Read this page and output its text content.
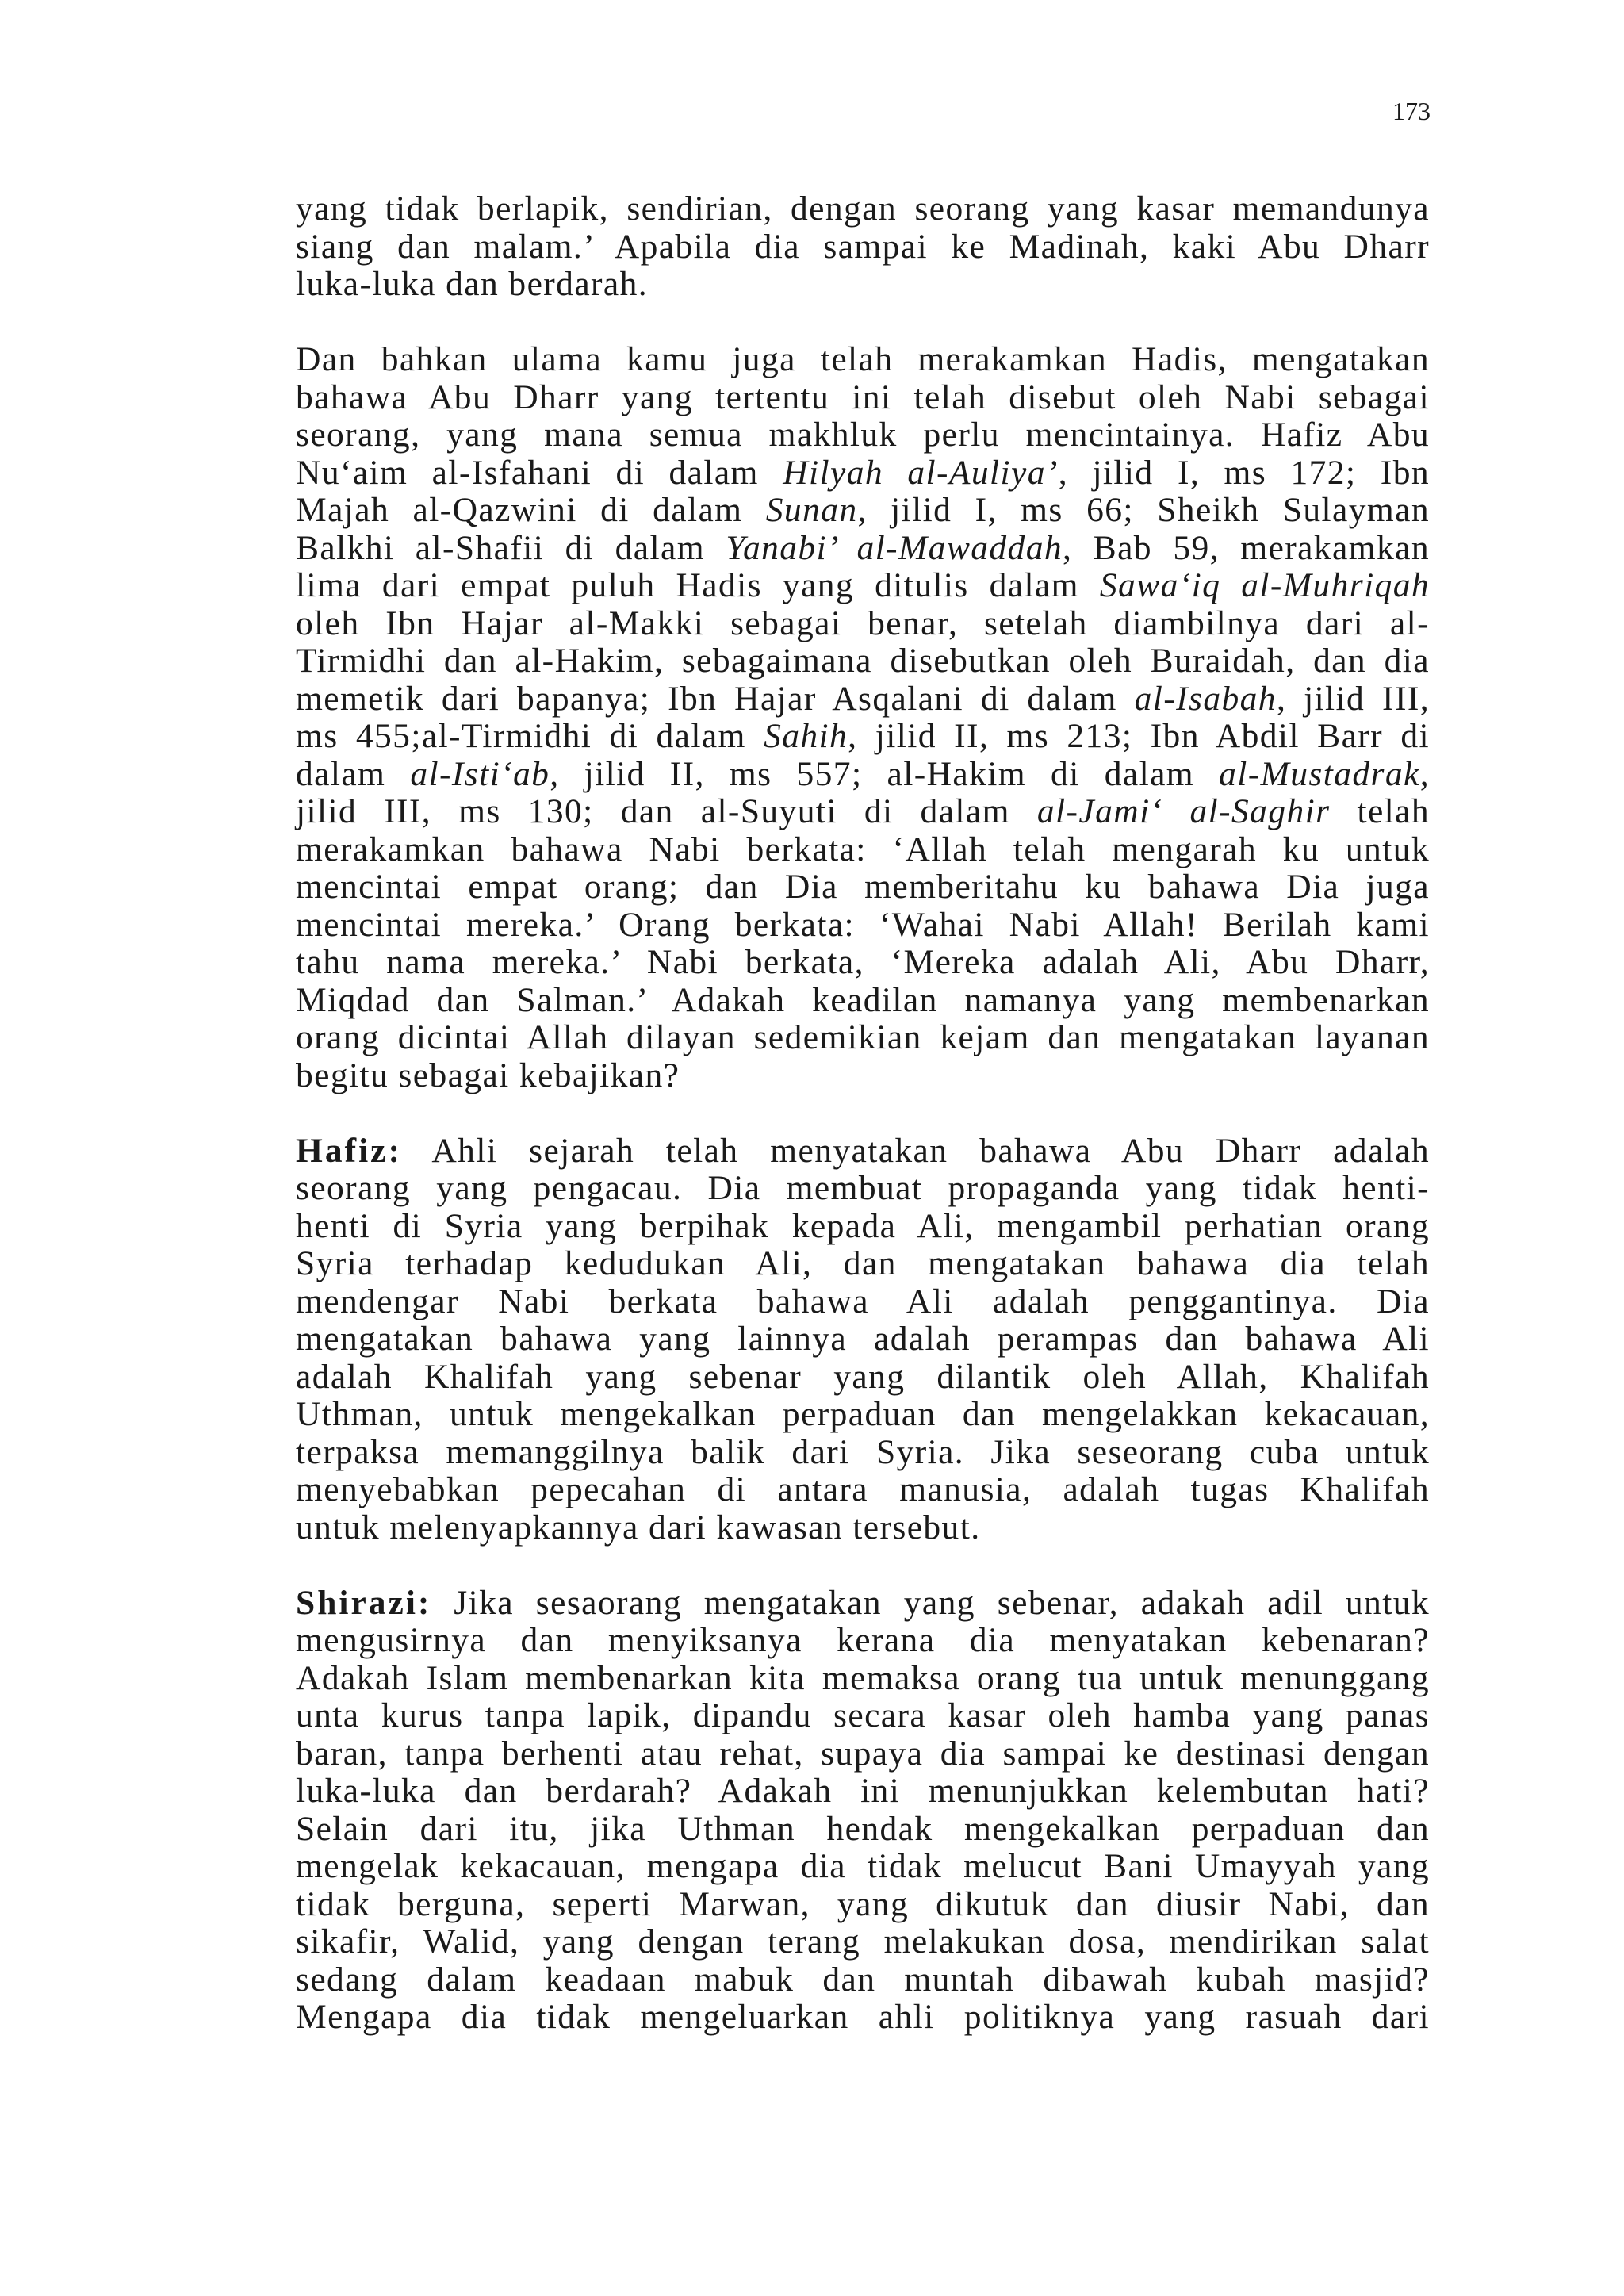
173
yang tidak berlapik, sendirian, dengan seorang yang kasar memandunya
siang dan malam.’ Apabila dia sampai ke Madinah, kaki Abu Dharr
luka-luka dan berdarah.
Dan bahkan ulama kamu juga telah merakamkan Hadis, mengatakan
bahawa Abu Dharr yang tertentu ini telah disebut oleh Nabi sebagai
seorang, yang mana semua makhluk perlu mencintainya. Hafiz Abu
Nu‘aim al-Isfahani di dalam Hilyah al-Auliya’, jilid I, ms 172; Ibn
Majah al-Qazwini di dalam Sunan, jilid I, ms 66; Sheikh Sulayman
Balkhi al-Shafii di dalam Yanabi’ al-Mawaddah, Bab 59, merakamkan
lima dari empat puluh Hadis yang ditulis dalam Sawa‘iq al-Muhriqah
oleh Ibn Hajar al-Makki sebagai benar, setelah diambilnya dari al-
Tirmidhi dan al-Hakim, sebagaimana disebutkan oleh Buraidah, dan dia
memetik dari bapanya; Ibn Hajar Asqalani di dalam al-Isabah, jilid III,
ms 455;al-Tirmidhi di dalam Sahih, jilid II, ms 213; Ibn Abdil Barr di
dalam al-Isti‘ab, jilid II, ms 557; al-Hakim di dalam al-Mustadrak,
jilid III, ms 130; dan al-Suyuti di dalam al-Jami‘ al-Saghir telah
merakamkan bahawa Nabi berkata: ‘Allah telah mengarah ku untuk
mencintai empat orang; dan Dia memberitahu ku bahawa Dia juga
mencintai mereka.’ Orang berkata: ‘Wahai Nabi Allah! Berilah kami
tahu nama mereka.’ Nabi berkata, ‘Mereka adalah Ali, Abu Dharr,
Miqdad dan Salman.’ Adakah keadilan namanya yang membenarkan
orang dicintai Allah dilayan sedemikian kejam dan mengatakan layanan
begitu sebagai kebajikan?
Hafiz: Ahli sejarah telah menyatakan bahawa Abu Dharr adalah
seorang yang pengacau. Dia membuat propaganda yang tidak henti-
henti di Syria yang berpihak kepada Ali, mengambil perhatian orang
Syria terhadap kedudukan Ali, dan mengatakan bahawa dia telah
mendengar Nabi berkata bahawa Ali adalah penggantinya. Dia
mengatakan bahawa yang lainnya adalah perampas dan bahawa Ali
adalah Khalifah yang sebenar yang dilantik oleh Allah, Khalifah
Uthman, untuk mengekalkan perpaduan dan mengelakkan kekacauan,
terpaksa memanggilnya balik dari Syria. Jika seseorang cuba untuk
menyebabkan pepecahan di antara manusia, adalah tugas Khalifah
untuk melenyapkannya dari kawasan tersebut.
Shirazi: Jika sesaorang mengatakan yang sebenar, adakah adil untuk
mengusirnya dan menyiksanya kerana dia menyatakan kebenaran?
Adakah Islam membenarkan kita memaksa orang tua untuk menunggang
unta kurus tanpa lapik, dipandu secara kasar oleh hamba yang panas
baran, tanpa berhenti atau rehat, supaya dia sampai ke destinasi dengan
luka-luka dan berdarah? Adakah ini menunjukkan kelembutan hati?
Selain dari itu, jika Uthman hendak mengekalkan perpaduan dan
mengelak kekacauan, mengapa dia tidak melucut Bani Umayyah yang
tidak berguna, seperti Marwan, yang dikutuk dan diusir Nabi, dan
sikafir, Walid, yang dengan terang melakukan dosa, mendirikan salat
sedang dalam keadaan mabuk dan muntah dibawah kubah masjid?
Mengapa dia tidak mengeluarkan ahli politiknya yang rasuah dari
